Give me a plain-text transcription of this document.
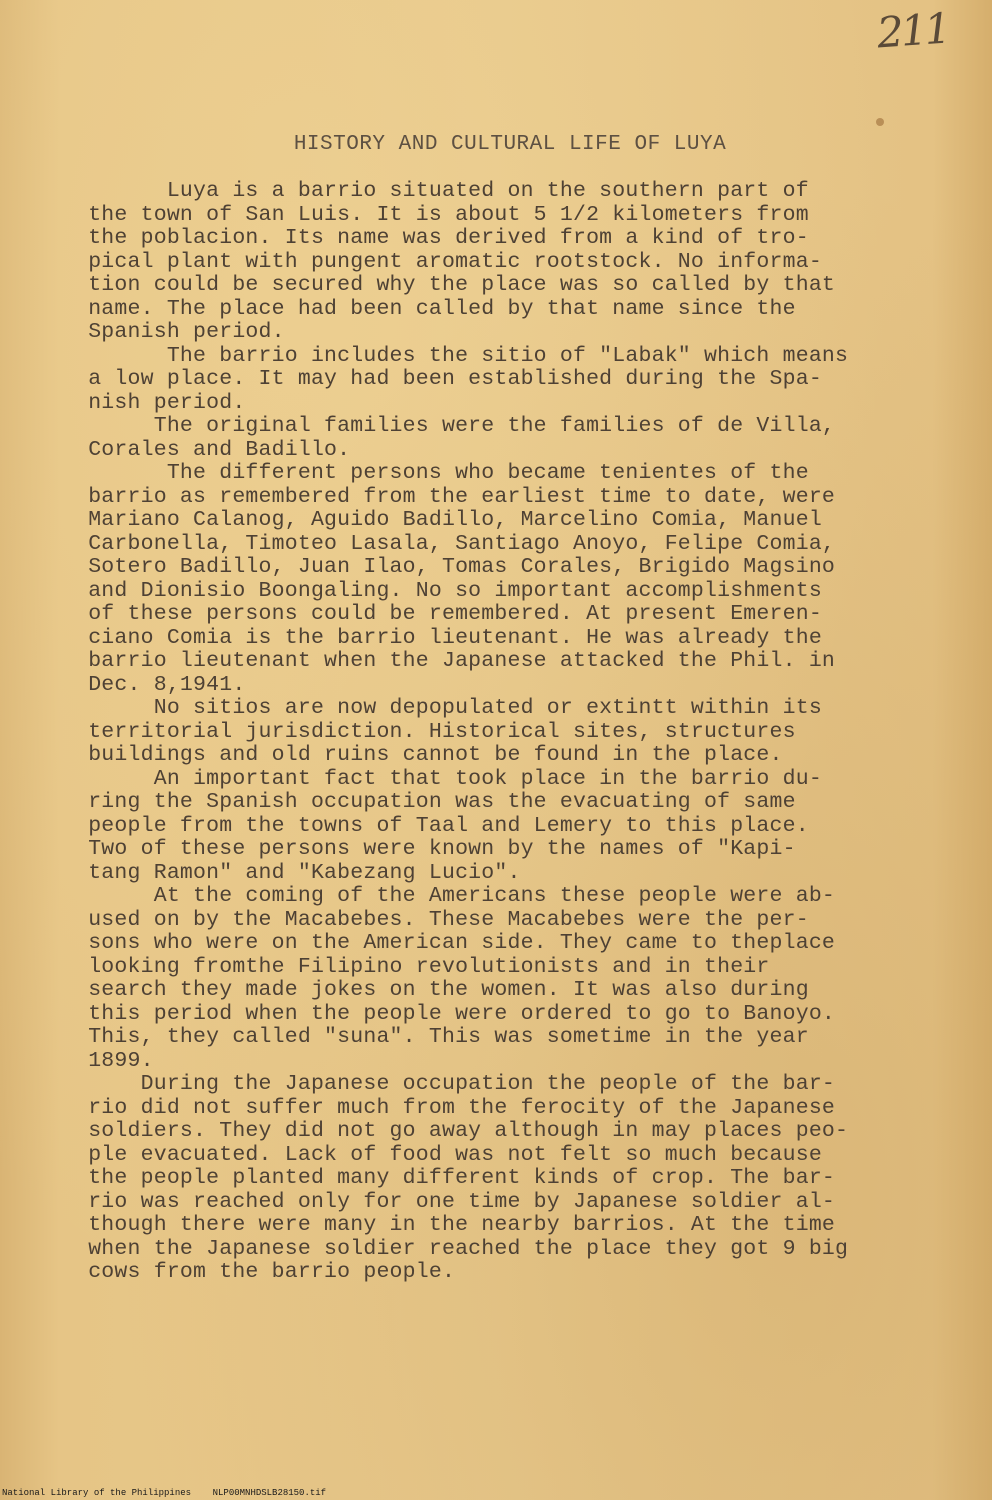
211
HISTORY AND CULTURAL LIFE OF LUYA

Luya is a barrio situated on the southern part of

the town of San Luis. It is about 5 1/2 kilometers from

the poblacion. Its name was derived from a kind of tro-

pical plant with pungent aromatic rootstock. No informa-

tion could be secured why the place was so called by that

name. The place had been called by that name since the

Spanish period.

The barrio includes the sitio of "Labak" which means

a low place. It may had been established during the Spa-

nish period.

The original families were the families of de Villa,

Corales and Badillo.

The different persons who became tenientes of the

barrio as remembered from the earliest time to date, were

Mariano Calanog, Aguido Badillo, Marcelino Comia, Manuel

Carbonella, Timoteo Lasala, Santiago Anoyo, Felipe Comia,

Sotero Badillo, Juan Ilao, Tomas Corales, Brigido Magsino

and Dionisio Boongaling. No so important accomplishments

of these persons could be remembered. At present Emeren-

ciano Comia is the barrio lieutenant. He was already the

barrio lieutenant when the Japanese attacked the Phil. in

Dec. 8,1941.

No sitios are now depopulated or extintt within its

territorial jurisdiction. Historical sites, structures

buildings and old ruins cannot be found in the place.

An important fact that took place in the barrio du-

ring the Spanish occupation was the evacuating of same

people from the towns of Taal and Lemery to this place.

Two of these persons were known by the names of "Kapi-

tang Ramon" and "Kabezang Lucio".

At the coming of the Americans these people were ab-

used on by the Macabebes. These Macabebes were the per-

sons who were on the American side. They came to theplace

looking fromthe Filipino revolutionists and in their

search they made jokes on the women. It was also during

this period when the people were ordered to go to Banoyo.

This, they called "suna". This was sometime in the year

1899.

During the Japanese occupation the people of the bar-

rio did not suffer much from the ferocity of the Japanese

soldiers. They did not go away although in may places peo-

ple evacuated. Lack of food was not felt so much because

the people planted many different kinds of crop. The bar-

rio was reached only for one time by Japanese soldier al-

though there were many in the nearby barrios. At the time

when the Japanese soldier reached the place they got 9 big

cows from the barrio people.

National Library of the Philippines    NLP00MNHDSLB28150.tif
